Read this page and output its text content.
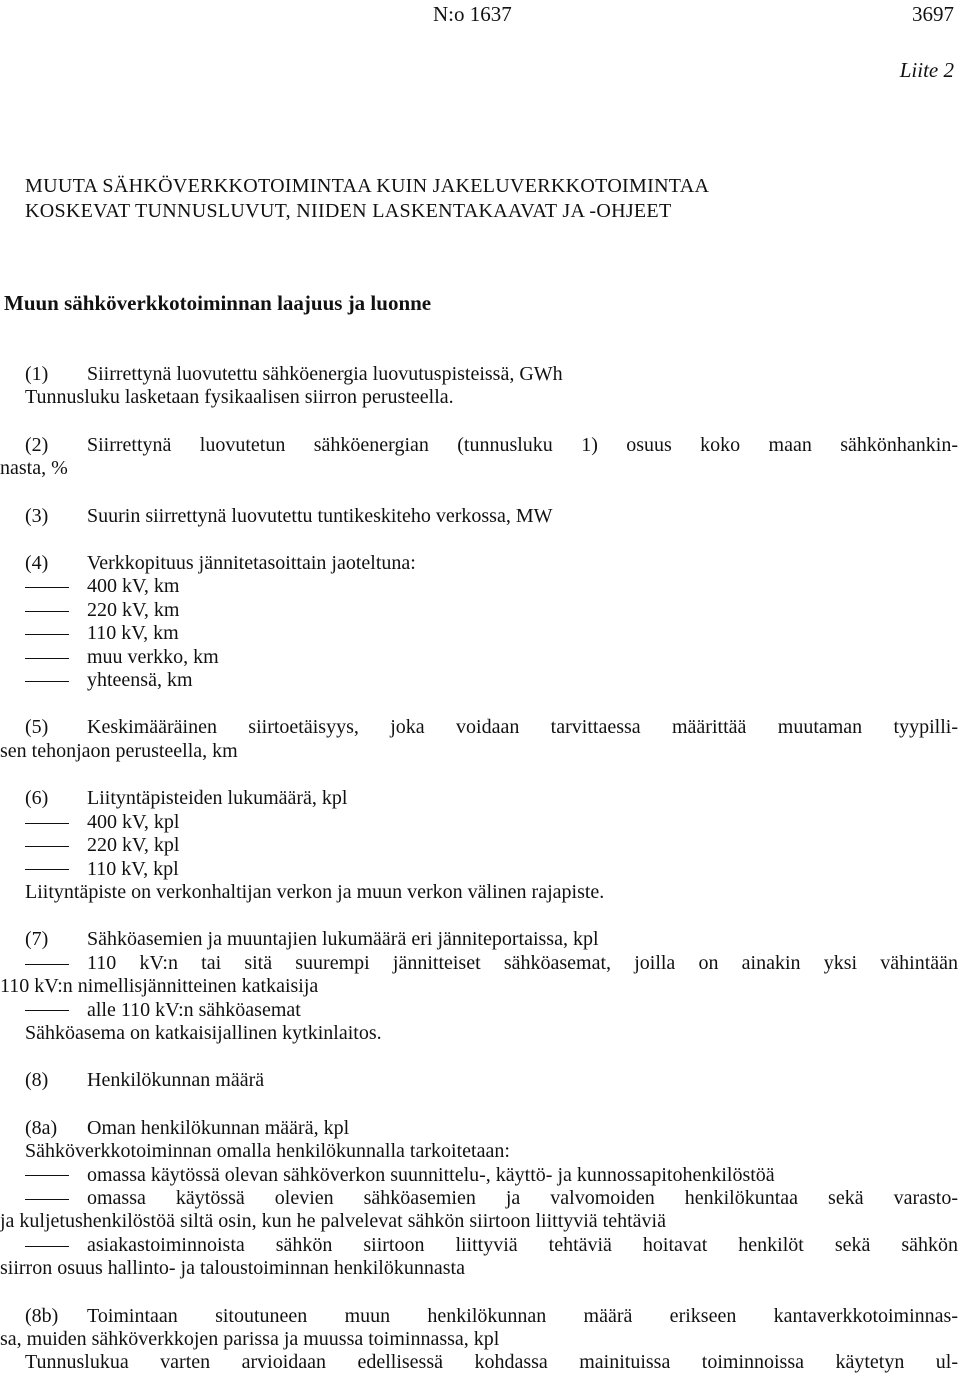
N:o 1637	3697
Liite 2
MUUTA SÄHKÖVERKKOTOIMINTAA KUIN JAKELUVERKKOTOIMINTAA
KOSKEVAT TUNNUSLUVUT, NIIDEN LASKENTAKAAVAT JA -OHJEET
Muun sähköverkkotoiminnan laajuus ja luonne
(1) Siirrettynä luovutettu sähköenergia luovutuspisteissä, GWh
Tunnusluku lasketaan fysikaalisen siirron perusteella.
(2) Siirrettynä luovutetun sähköenergian (tunnusluku 1) osuus koko maan sähkönhankin-
nasta, %
(3) Suurin siirrettynä luovutettu tuntikeskiteho verkossa, MW
(4) Verkkopituus jännitetasoittain jaoteltuna:
400 kV, km
220 kV, km
110 kV, km
muu verkko, km
yhteensä, km
(5) Keskimääräinen siirtoetäisyys, joka voidaan tarvittaessa määrittää muutaman tyypilli-
sen tehonjaon perusteella, km
(6) Liityntäpisteiden lukumäärä, kpl
400 kV, kpl
220 kV, kpl
110 kV, kpl
Liityntäpiste on verkonhaltijan verkon ja muun verkon välinen rajapiste.
(7) Sähköasemien ja muuntajien lukumäärä eri jänniteportaissa, kpl
110 kV:n tai sitä suurempi jännitteiset sähköasemat, joilla on ainakin yksi vähintään
110 kV:n nimellisjännitteinen katkaisija
alle 110 kV:n sähköasemat
Sähköasema on katkaisijallinen kytkinlaitos.
(8) Henkilökunnan määrä
(8a) Oman henkilökunnan määrä, kpl
Sähköverkkotoiminnan omalla henkilökunnalla tarkoitetaan:
omassa käytössä olevan sähköverkon suunnittelu-, käyttö- ja kunnossapitohenkilöstöä
omassa käytössä olevien sähköasemien ja valvomoiden henkilökuntaa sekä varasto-
ja kuljetushenkilöstöä siltä osin, kun he palvelevat sähkön siirtoon liittyviä tehtäviä
asiakastoiminnoista sähkön siirtoon liittyviä tehtäviä hoitavat henkilöt sekä sähkön
siirron osuus hallinto- ja taloustoiminnan henkilökunnasta
(8b) Toimintaan sitoutuneen muun henkilökunnan määrä erikseen kantaverkkotoiminnas-
sa, muiden sähköverkkojen parissa ja muussa toiminnassa, kpl
Tunnuslukua varten arvioidaan edellisessä kohdassa mainituissa toiminnoissa käytetyn ul-
